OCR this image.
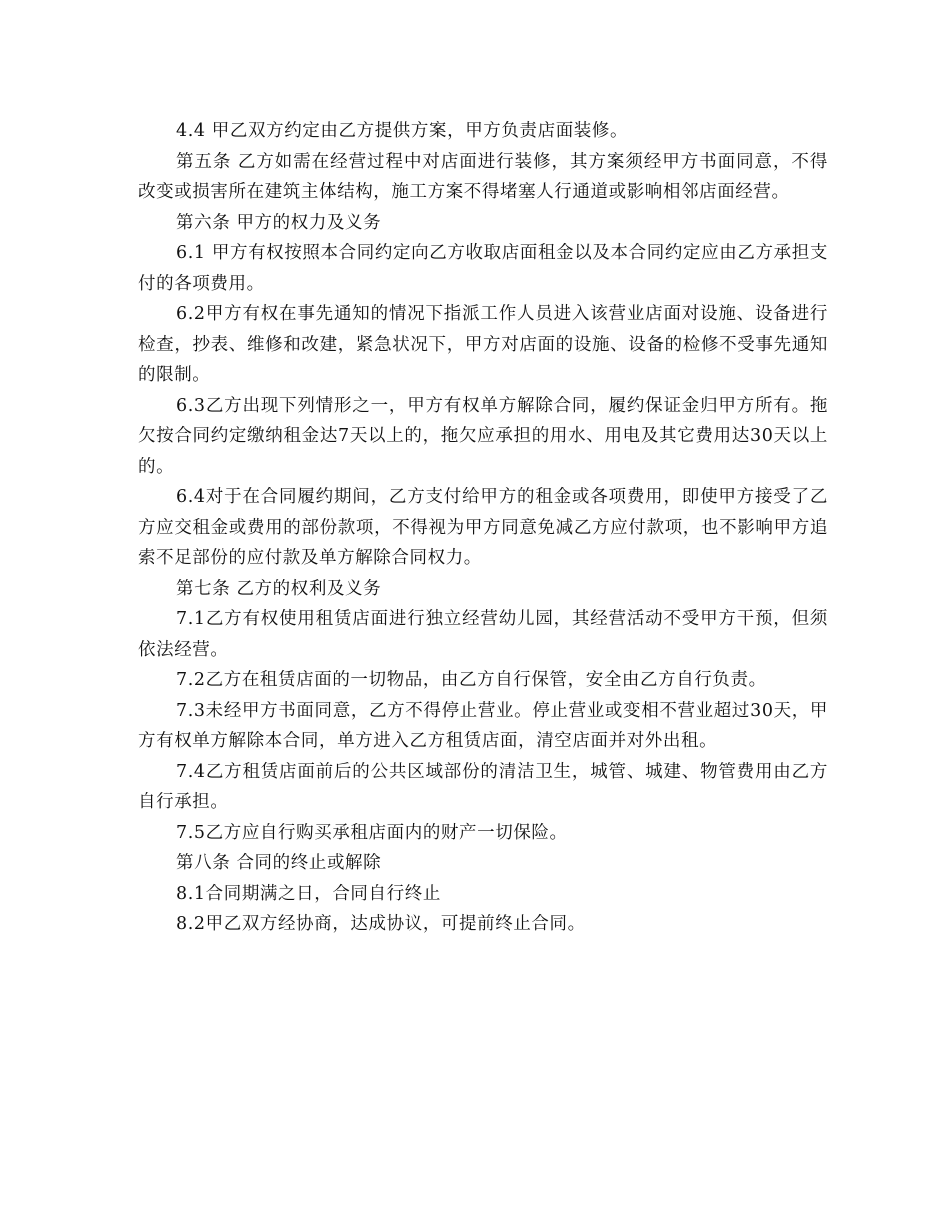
4.4 甲乙双方约定由乙方提供方案，甲方负责店面装修。

第五条 乙方如需在经营过程中对店面进行装修，其方案须经甲方书面同意，不得改变或损害所在建筑主体结构，施工方案不得堵塞人行通道或影响相邻店面经营。

第六条 甲方的权力及义务

6.1 甲方有权按照本合同约定向乙方收取店面租金以及本合同约定应由乙方承担支付的各项费用。

6.2甲方有权在事先通知的情况下指派工作人员进入该营业店面对设施、设备进行检查，抄表、维修和改建，紧急状况下，甲方对店面的设施、设备的检修不受事先通知的限制。

6.3乙方出现下列情形之一，甲方有权单方解除合同，履约保证金归甲方所有。拖欠按合同约定缴纳租金达7天以上的，拖欠应承担的用水、用电及其它费用达30天以上的。

6.4对于在合同履约期间，乙方支付给甲方的租金或各项费用，即使甲方接受了乙方应交租金或费用的部份款项，不得视为甲方同意免减乙方应付款项，也不影响甲方追索不足部份的应付款及单方解除合同权力。

第七条 乙方的权利及义务

7.1乙方有权使用租赁店面进行独立经营幼儿园，其经营活动不受甲方干预，但须依法经营。

7.2乙方在租赁店面的一切物品，由乙方自行保管，安全由乙方自行负责。

7.3未经甲方书面同意，乙方不得停止营业。停止营业或变相不营业超过30天，甲方有权单方解除本合同，单方进入乙方租赁店面，清空店面并对外出租。

7.4乙方租赁店面前后的公共区域部份的清洁卫生，城管、城建、物管费用由乙方自行承担。

7.5乙方应自行购买承租店面内的财产一切保险。

第八条 合同的终止或解除

8.1合同期满之日，合同自行终止

8.2甲乙双方经协商，达成协议，可提前终止合同。
